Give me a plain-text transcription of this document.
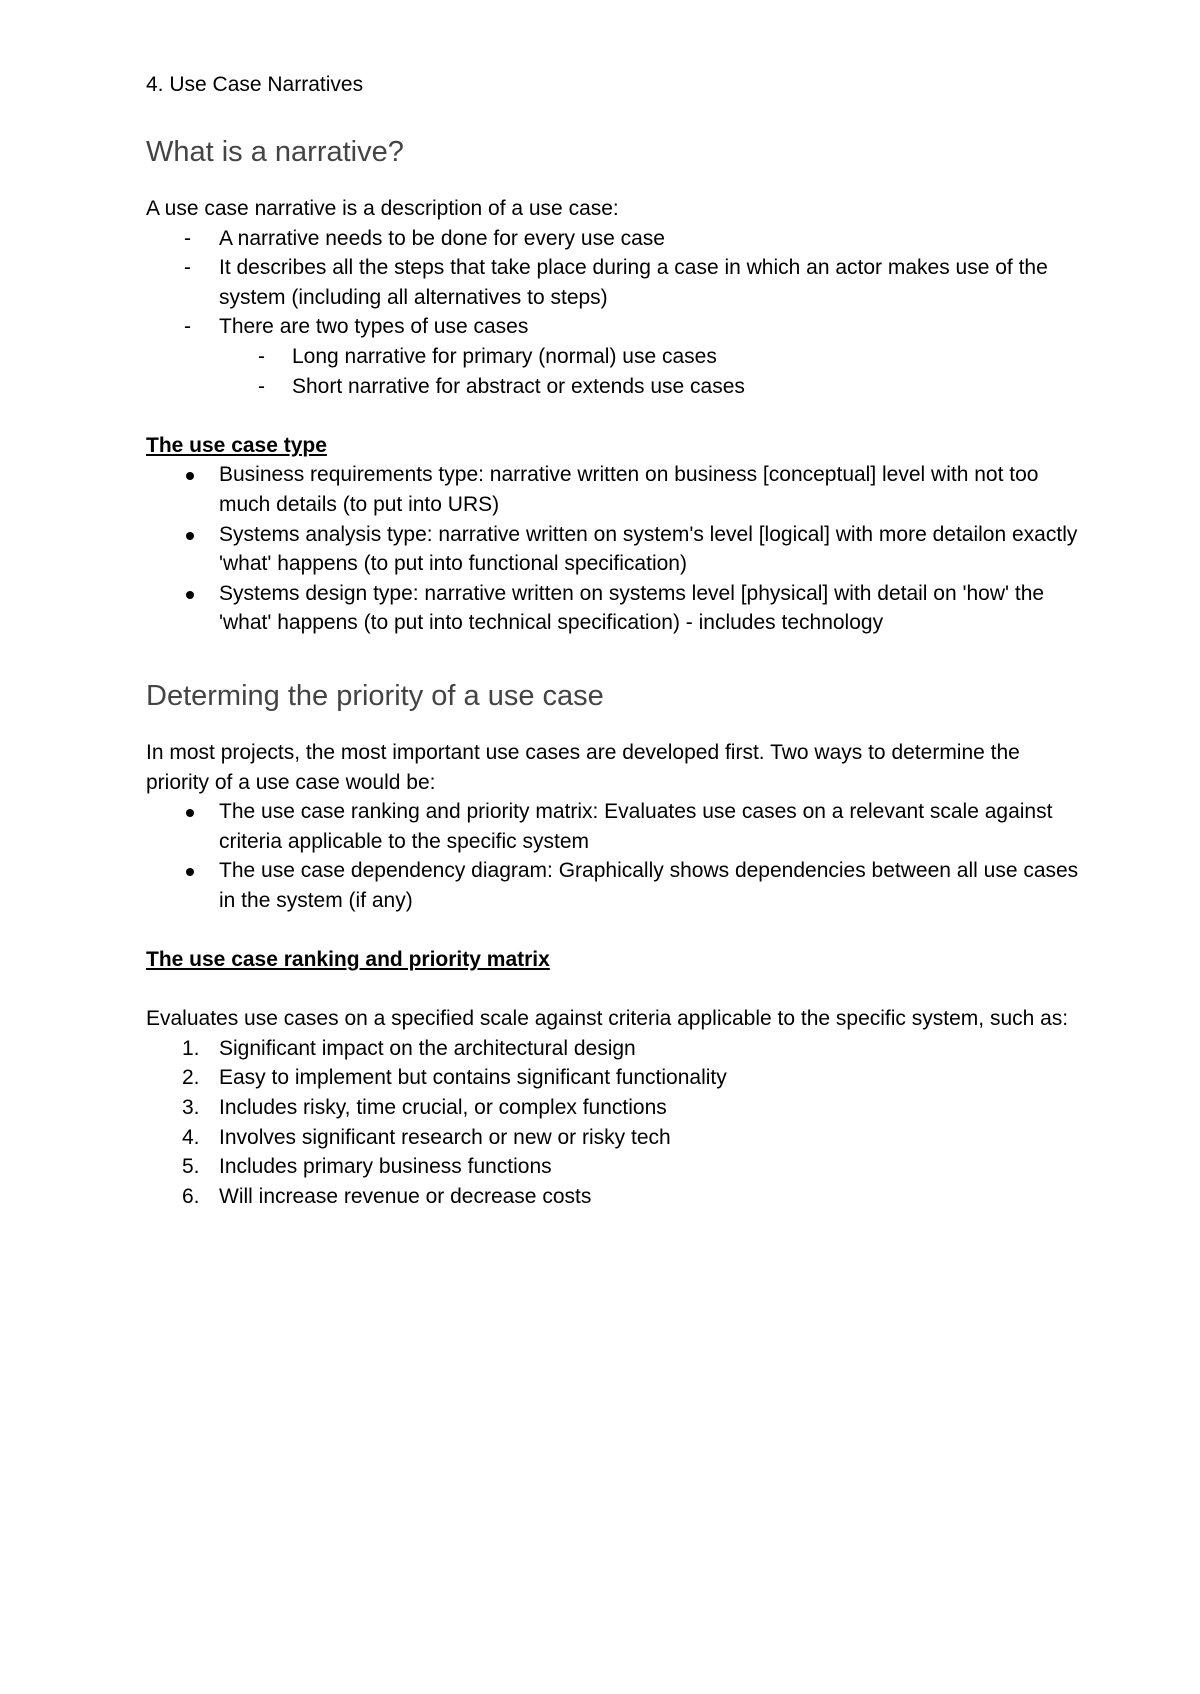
4. Use Case Narratives

What is a narrative?

A use case narrative is a description of a use case:

-	A narrative needs to be done for every use case
-	It describes all the steps that take place during a case in which an actor makes use of the system (including all alternatives to steps)
-	There are two types of use cases
-	Long narrative for primary (normal) use cases
-	Short narrative for abstract or extends use cases

The use case type

Business requirements type: narrative written on business [conceptual] level with not too much details (to put into URS)
Systems analysis type: narrative written on system's level [logical] with more detailon exactly 'what' happens (to put into functional specification)
Systems design type: narrative written on systems level [physical] with detail on 'how' the 'what' happens (to put into technical specification) - includes technology
Determing the priority of a use case

In most projects, the most important use cases are developed first. Two ways to determine the priority of a use case would be:

The use case ranking and priority matrix: Evaluates use cases on a relevant scale against criteria applicable to the specific system
The use case dependency diagram: Graphically shows dependencies between all use cases in the system (if any)

The use case ranking and priority matrix

Evaluates use cases on a specified scale against criteria applicable to the specific system, such as:

1. Significant impact on the architectural design
2. Easy to implement but contains significant functionality
3. Includes risky, time crucial, or complex functions
4. Involves significant research or new or risky tech
5. Includes primary business functions
6. Will increase revenue or decrease costs
